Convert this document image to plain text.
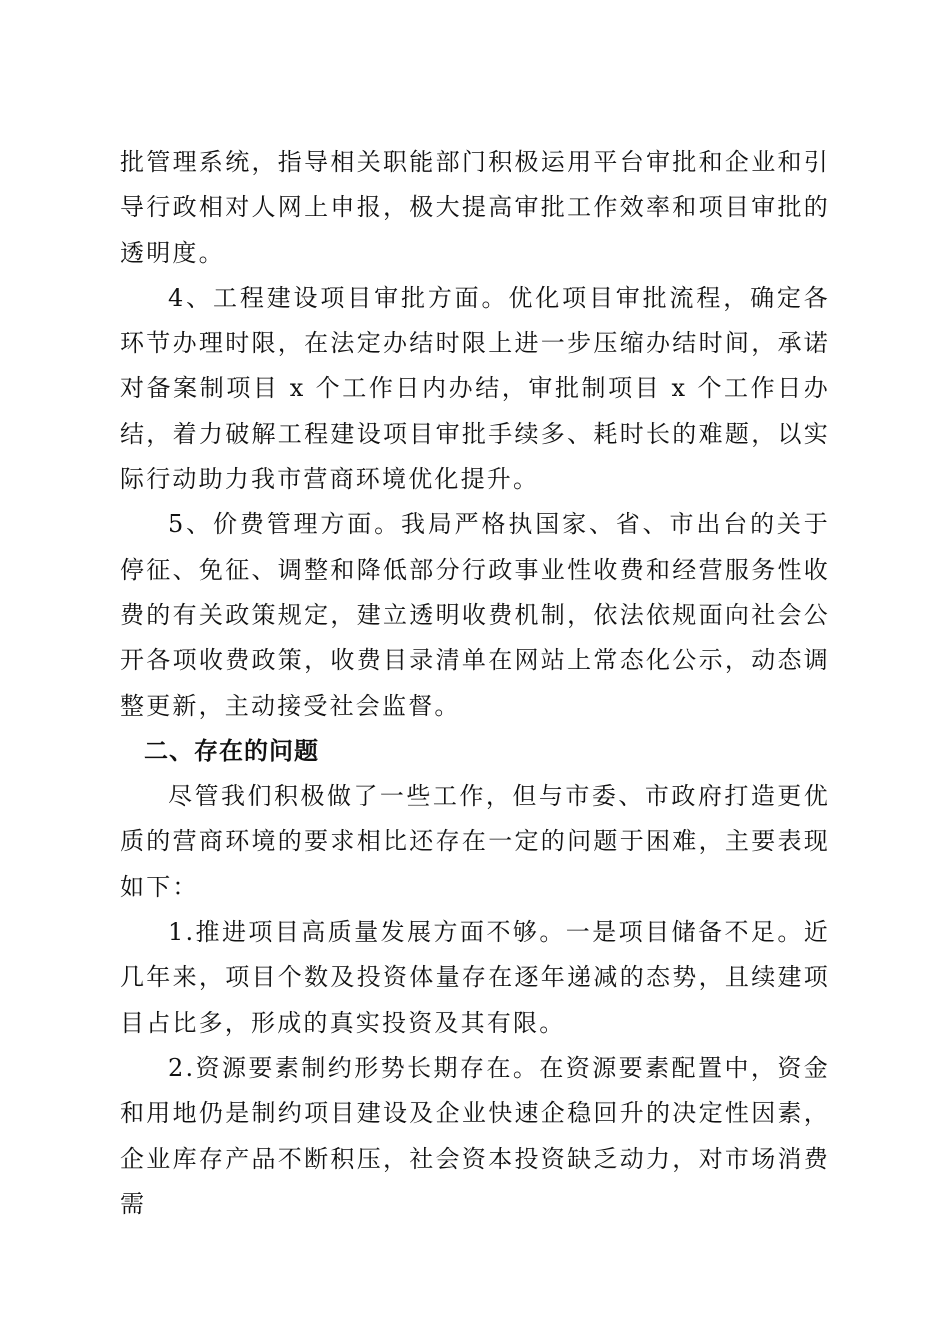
批管理系统，指导相关职能部门积极运用平台审批和企业和引导行政相对人网上申报，极大提高审批工作效率和项目审批的透明度。

4、工程建设项目审批方面。优化项目审批流程，确定各环节办理时限，在法定办结时限上进一步压缩办结时间，承诺对备案制项目 x 个工作日内办结，审批制项目 x 个工作日办结，着力破解工程建设项目审批手续多、耗时长的难题，以实际行动助力我市营商环境优化提升。

5、价费管理方面。我局严格执国家、省、市出台的关于停征、免征、调整和降低部分行政事业性收费和经营服务性收费的有关政策规定，建立透明收费机制，依法依规面向社会公开各项收费政策，收费目录清单在网站上常态化公示，动态调整更新，主动接受社会监督。

二、存在的问题

尽管我们积极做了一些工作，但与市委、市政府打造更优质的营商环境的要求相比还存在一定的问题于困难，主要表现如下：

1.推进项目高质量发展方面不够。一是项目储备不足。近几年来，项目个数及投资体量存在逐年递减的态势，且续建项目占比多，形成的真实投资及其有限。

2.资源要素制约形势长期存在。在资源要素配置中，资金和用地仍是制约项目建设及企业快速企稳回升的决定性因素，企业库存产品不断积压，社会资本投资缺乏动力，对市场消费需
